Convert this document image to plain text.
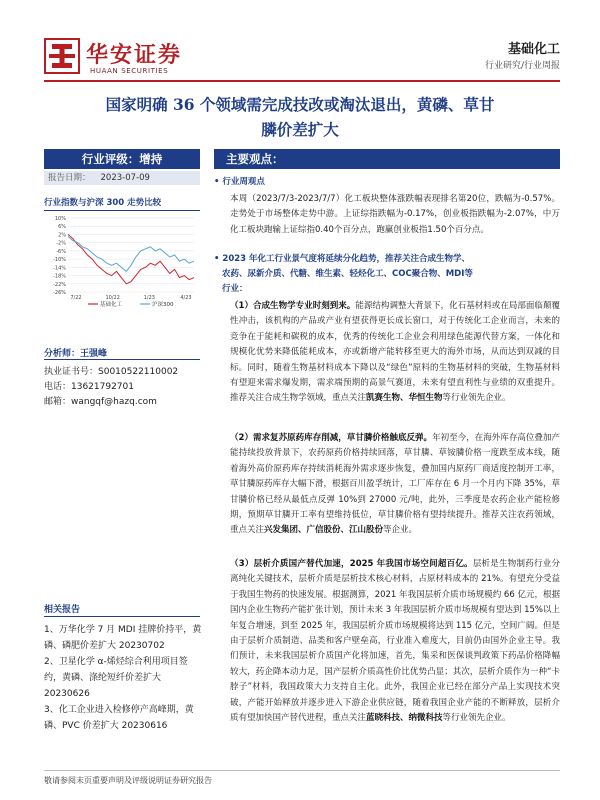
华安证券
HUAAN SECURITIES
基础化工
行业研究/行业周报
国家明确 36 个领域需完成技改或淘汰退出，黄磷、草甘
膦价差扩大
行业评级：增持
报告日期： 2023-07-09
行业指数与沪深 300 走势比较
10%
6%
2%
-2%
-6%
-10%
-14%
-18%
-22%
-26%
7/22	10/22	1/23	4/23
基础化工	沪深300
分析师：王强峰
执业证书号：S0010522110002
电话：13621792701
邮箱：wangqf@hazq.com
相关报告
1、万华化学 7 月 MDI 挂牌价持平，黄磷、磷肥价差扩大 20230702
2、卫星化学 α-烯烃综合利用项目签约，黄磷、涤纶短纤价差扩大20230626
3、化工企业进入检修停产高峰期，黄磷、PVC 价差扩大 20230616
主要观点：
• 行业周观点
本周（2023/7/3-2023/7/7）化工板块整体涨跌幅表现排名第20位，跌幅为-0.57%。走势处于市场整体走势中游。上证综指跌幅为-0.17%，创业板指跌幅为-2.07%，中万化工板块跑输上证综指0.40个百分点，跑赢创业板指1.50个百分点。
• 2023 年化工行业景气度将延续分化趋势，推荐关注合成生物学、
农药、尿新介质、代糖、维生素、轻烃化工、COC聚合物、MDI等
行业：
（1）合成生物学专业时刻到来。能源结构调整大背景下，化石基材料或在局部面临颠覆性冲击，该机构的产品或产业有望获得更长成长窗口，对于传统化工企业而言，未来的竞争在于能耗和碳税的成本，优秀的传统化工企业会利用绿色能源代替方案，一体化和规模化优势来降低能耗成本，亦或新增产能转移至更大的海外市场，从而达到双减的目标。同时，随着生物基材料成本下降以及“绿色”原料的生物基材料的突破，生物基材料有望迎来需求爆发期，需求端预期的高景气赛道，未来有望直利性与业绩的双重提升。推荐关注合成生物学领域，重点关注凯赛生物、华恒生物等行业领先企业。
（2）需求复苏原药库存削减，草甘膦价格触底反弹。年初至今，在海外库存高位叠加产能持续投放背景下，农药原药价格持续回落，草甘膦、草铵膦价格一度跌至成本线，随着海外高价原药库存持续消耗海外需求逐步恢复，叠加国内原药厂商适度控制开工率，草甘膦原药库存大幅下滑，根据百川盈孚统计，工厂库存在 6 月一个月内下降 35%，草甘膦价格已经从最低点反弹 10%到 27000 元/吨，此外，三季度是农药企业产能检修期，预期草甘膦开工率有望维持低位，草甘膦价格有望持续提升。推荐关注农药领域，重点关注兴发集团、广信股份、江山股份等企业。
（3）层析介质国产替代加速，2025 年我国市场空间超百亿。层析是生物制药行业分离纯化关键技术，层析介质是层析技术核心材料，占原材料成本的 21%。有望充分受益于我国生物药的快速发展。根据测算，2021 年我国层析介质市场规模约 66 亿元，根据国内企业生物药产能扩张计划，预计未来 3 年我国层析介质市场规模有望达到 15%以上年复合增速，到至 2025 年，我国层析介质市场规模将达到 115 亿元，空间广阔。但是由于层析介质制造、品类和客户壁垒高，行业准入难度大，目前仍由国外企业主导。我们预计，未来我国层析介质国产化将加速，首先，集采和医保谈判政策下药品价格降幅较大，药企降本动力足，国产层析介质高性价比优势凸显；其次，层析介质作为一种“卡脖子”材料，我国政策大力支持自主化。此外，我国企业已经在部分产品上实现技术突破，产能开始释放并逐步进入下游企业供应链，随着我国企业产能的不断释放，层析介质有望加快国产替代进程，重点关注蓝晓科技、纳微科技等行业领先企业。
敬请参阅末页重要声明及评级说明证券研究报告
